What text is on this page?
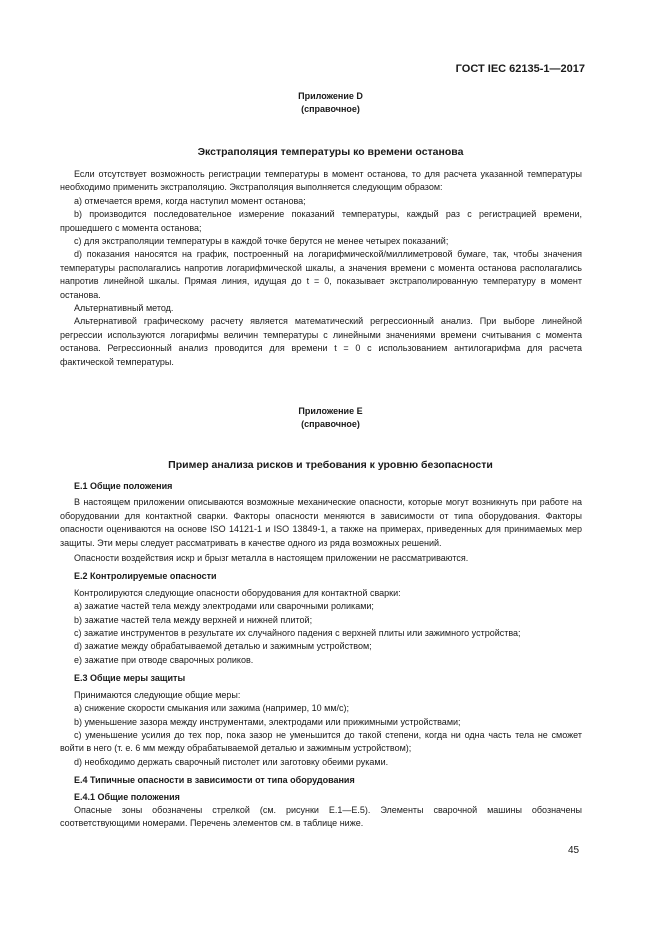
ГОСТ IEC 62135-1—2017
Приложение D
(справочное)
Экстраполяция температуры ко времени останова

Если отсутствует возможность регистрации температуры в момент останова, то для расчета указанной температуры необходимо применить экстраполяцию. Экстраполяция выполняется следующим образом:

a) отмечается время, когда наступил момент останова;

b) производится последовательное измерение показаний температуры, каждый раз с регистрацией времени, прошедшего с момента останова;

c) для экстраполяции температуры в каждой точке берутся не менее четырех показаний;

d) показания наносятся на график, построенный на логарифмической/миллиметровой бумаге, так, чтобы значения температуры располагались напротив логарифмической шкалы, а значения времени с момента останова располагались напротив линейной шкалы. Прямая линия, идущая до t = 0, показывает экстраполированную температуру в момент останова.

Альтернативный метод.

Альтернативой графическому расчету является математический регрессионный анализ. При выборе линейной регрессии используются логарифмы величин температуры с линейными значениями времени считывания с момента останова. Регрессионный анализ проводится для времени t = 0 с использованием антилогарифма для расчета фактической температуры.

Приложение E
(справочное)
Пример анализа рисков и требования к уровню безопасности

E.1 Общие положения

В настоящем приложении описываются возможные механические опасности, которые могут возникнуть при работе на оборудовании для контактной сварки. Факторы опасности меняются в зависимости от типа оборудования. Факторы опасности оцениваются на основе ISO 14121-1 и ISO 13849-1, а также на примерах, приведенных для принимаемых мер защиты. Эти меры следует рассматривать в качестве одного из ряда возможных решений.

Опасности воздействия искр и брызг металла в настоящем приложении не рассматриваются.

E.2 Контролируемые опасности

Контролируются следующие опасности оборудования для контактной сварки:

a) зажатие частей тела между электродами или сварочными роликами;

b) зажатие частей тела между верхней и нижней плитой;

c) зажатие инструментов в результате их случайного падения с верхней плиты или зажимного устройства;

d) зажатие между обрабатываемой деталью и зажимным устройством;

e) зажатие при отводе сварочных роликов.

E.3 Общие меры защиты

Принимаются следующие общие меры:

a) снижение скорости смыкания или зажима (например, 10 мм/с);

b) уменьшение зазора между инструментами, электродами или прижимными устройствами;

c) уменьшение усилия до тех пор, пока зазор не уменьшится до такой степени, когда ни одна часть тела не сможет войти в него (т. е. 6 мм между обрабатываемой деталью и зажимным устройством);

d) необходимо держать сварочный пистолет или заготовку обеими руками.

E.4 Типичные опасности в зависимости от типа оборудования

E.4.1 Общие положения

Опасные зоны обозначены стрелкой (см. рисунки E.1—E.5). Элементы сварочной машины обозначены соответствующими номерами. Перечень элементов см. в таблице ниже.

45
